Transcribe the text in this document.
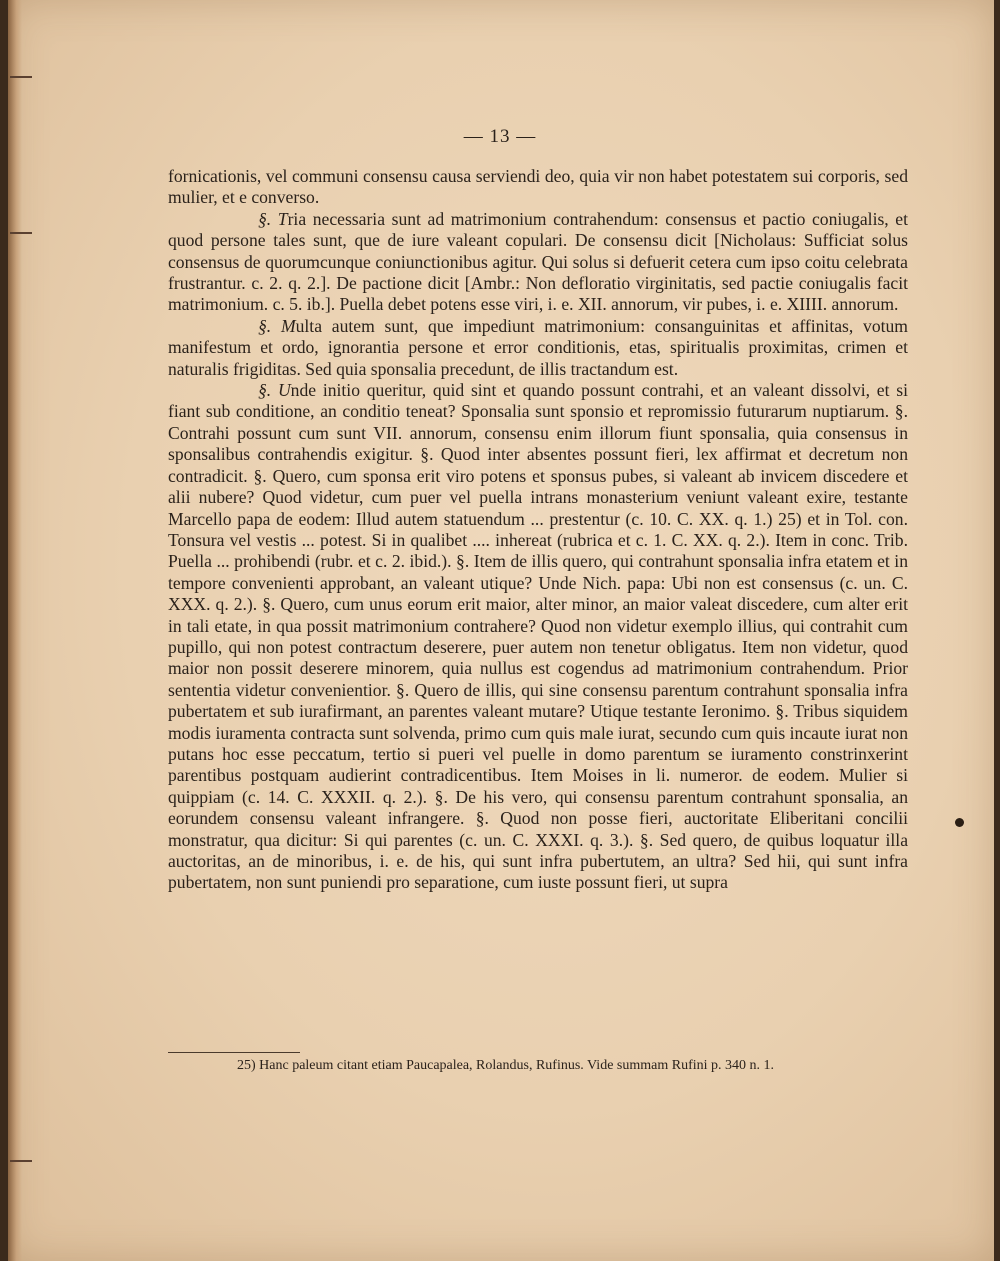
— 13 —

fornicationis, vel communi consensu causa serviendi deo, quia vir non habet potestatem sui corporis, sed mulier, et e converso.

§. Tria necessaria sunt ad matrimonium contrahendum: consensus et pactio coniugalis, et quod persone tales sunt, que de iure valeant copulari. De consensu dicit [Nicholaus: Sufficiat solus consensus de quorumcunque coniunctionibus agitur. Qui solus si defuerit cetera cum ipso coitu celebrata frustrantur. c. 2. q. 2.]. De pactione dicit [Ambr.: Non defloratio virginitatis, sed pactie coniugalis facit matrimonium. c. 5. ib.]. Puella debet potens esse viri, i. e. XII. annorum, vir pubes, i. e. XIIII. annorum.

§. Multa autem sunt, que impediunt matrimonium: consanguinitas et affinitas, votum manifestum et ordo, ignorantia persone et error conditionis, etas, spiritualis proximitas, crimen et naturalis frigiditas. Sed quia sponsalia precedunt, de illis tractandum est.

§. Unde initio queritur, quid sint et quando possunt contrahi, et an valeant dissolvi, et si fiant sub conditione, an conditio teneat? Sponsalia sunt sponsio et repromissio futurarum nuptiarum. §. Contrahi possunt cum sunt VII. annorum, consensu enim illorum fiunt sponsalia, quia consensus in sponsalibus contrahendis exigitur. §. Quod inter absentes possunt fieri, lex affirmat et decretum non contradicit. §. Quero, cum sponsa erit viro potens et sponsus pubes, si valeant ab invicem discedere et alii nubere? Quod videtur, cum puer vel puella intrans monasterium veniunt valeant exire, testante Marcello papa de eodem: Illud autem statuendum ... prestentur (c. 10. C. XX. q. 1.) 25) et in Tol. con. Tonsura vel vestis ... potest. Si in qualibet .... inhereat (rubrica et c. 1. C. XX. q. 2.). Item in conc. Trib. Puella ... prohibendi (rubr. et c. 2. ibid.). §. Item de illis quero, qui contrahunt sponsalia infra etatem et in tempore convenienti approbant, an valeant utique? Unde Nich. papa: Ubi non est consensus (c. un. C. XXX. q. 2.). §. Quero, cum unus eorum erit maior, alter minor, an maior valeat discedere, cum alter erit in tali etate, in qua possit matrimonium contrahere? Quod non videtur exemplo illius, qui contrahit cum pupillo, qui non potest contractum deserere, puer autem non tenetur obligatus. Item non videtur, quod maior non possit deserere minorem, quia nullus est cogendus ad matrimonium contrahendum. Prior sententia videtur convenientior. §. Quero de illis, qui sine consensu parentum contrahunt sponsalia infra pubertatem et sub iurafirmant, an parentes valeant mutare? Utique testante Ieronimo. §. Tribus siquidem modis iuramenta contracta sunt solvenda, primo cum quis male iurat, secundo cum quis incaute iurat non putans hoc esse peccatum, tertio si pueri vel puelle in domo parentum se iuramento constrinxerint parentibus postquam audierint contradicentibus. Item Moises in li. numeror. de eodem. Mulier si quippiam (c. 14. C. XXXII. q. 2.). §. De his vero, qui consensu parentum contrahunt sponsalia, an eorundem consensu valeant infrangere. §. Quod non posse fieri, auctoritate Eliberitani concilii monstratur, qua dicitur: Si qui parentes (c. un. C. XXXI. q. 3.). §. Sed quero, de quibus loquatur illa auctoritas, an de minoribus, i. e. de his, qui sunt infra pubertutem, an ultra? Sed hii, qui sunt infra pubertatem, non sunt puniendi pro separatione, cum iuste possunt fieri, ut supra

25) Hanc paleum citant etiam Paucapalea, Rolandus, Rufinus. Vide summam Rufini p. 340 n. 1.
